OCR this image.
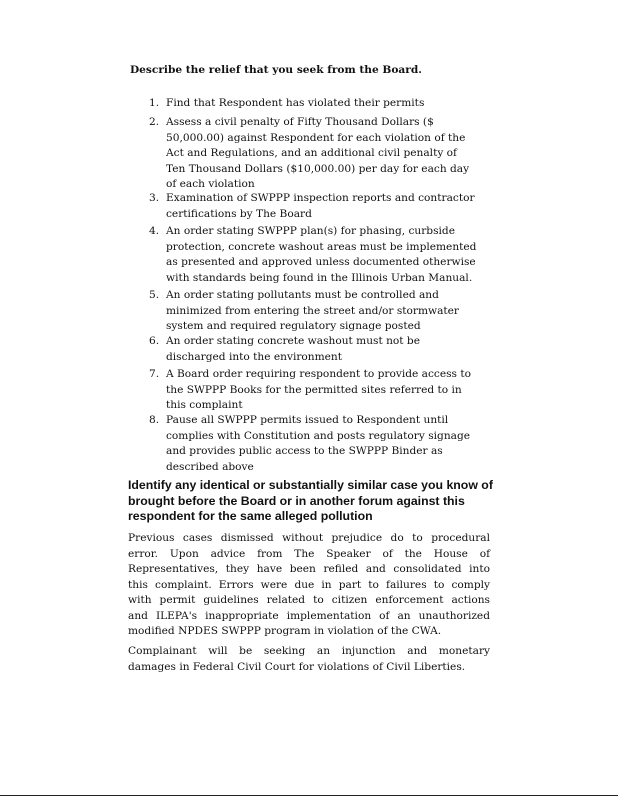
Describe the relief that you seek from the Board.
1. Find that Respondent has violated their permits
2. Assess a civil penalty of Fifty Thousand Dollars ($
50,000.00) against Respondent for each violation of the
Act and Regulations, and an additional civil penalty of
Ten Thousand Dollars ($10,000.00) per day for each day
of each violation
3. Examination of SWPPP inspection reports and contractor
certifications by The Board
4. An order stating SWPPP plan(s) for phasing, curbside
protection, concrete washout areas must be implemented
as presented and approved unless documented otherwise
with standards being found in the Illinois Urban Manual.
5. An order stating pollutants must be controlled and
minimized from entering the street and/or stormwater
system and required regulatory signage posted
6. An order stating concrete washout must not be
discharged into the environment
7. A Board order requiring respondent to provide access to
the SWPPP Books for the permitted sites referred to in
this complaint
8. Pause all SWPPP permits issued to Respondent until
complies with Constitution and posts regulatory signage
and provides public access to the SWPPP Binder as
described above
Identify any identical or substantially similar case you know of
brought before the Board or in another forum against this
respondent for the same alleged pollution
Previous cases dismissed without prejudice do to procedural
error. Upon advice from The Speaker of the House of
Representatives, they have been refiled and consolidated into
this complaint. Errors were due in part to failures to comply
with permit guidelines related to citizen enforcement actions
and ILEPA's inappropriate implementation of an unauthorized
modified NPDES SWPPP program in violation of the CWA.
Complainant will be seeking an injunction and monetary
damages in Federal Civil Court for violations of Civil Liberties.
